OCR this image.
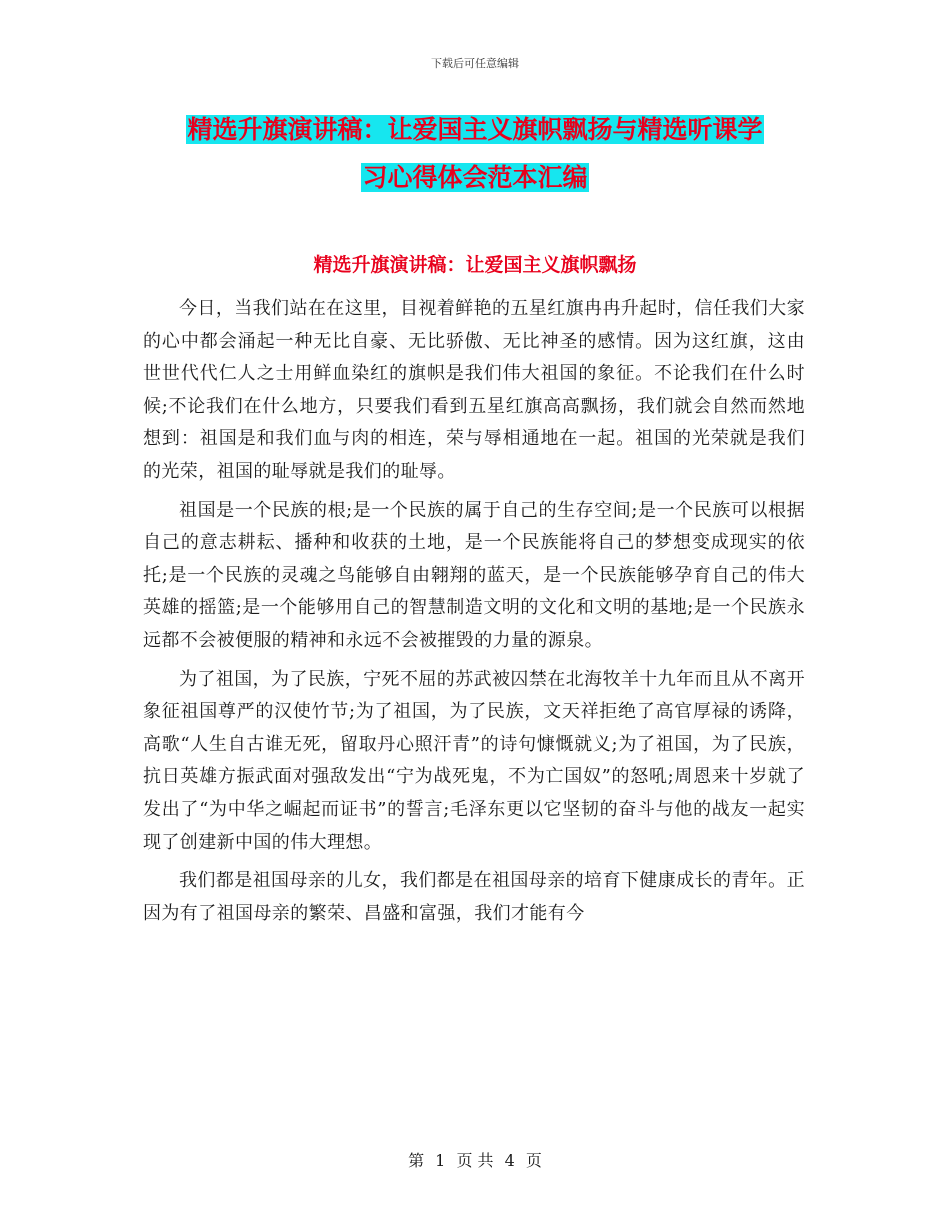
下载后可任意编辑
精选升旗演讲稿：让爱国主义旗帜飘扬与精选听课学
习心得体会范本汇编
精选升旗演讲稿：让爱国主义旗帜飘扬

今日，当我们站在在这里，目视着鲜艳的五星红旗冉冉升起时，信任我们大家的心中都会涌起一种无比自豪、无比骄傲、无比神圣的感情。因为这红旗，这由世世代代仁人之士用鲜血染红的旗帜是我们伟大祖国的象征。不论我们在什么时候;不论我们在什么地方，只要我们看到五星红旗高高飘扬，我们就会自然而然地想到：祖国是和我们血与肉的相连，荣与辱相通地在一起。祖国的光荣就是我们的光荣，祖国的耻辱就是我们的耻辱。

祖国是一个民族的根;是一个民族的属于自己的生存空间;是一个民族可以根据自己的意志耕耘、播种和收获的土地，是一个民族能将自己的梦想变成现实的依托;是一个民族的灵魂之鸟能够自由翱翔的蓝天，是一个民族能够孕育自己的伟大英雄的摇篮;是一个能够用自己的智慧制造文明的文化和文明的基地;是一个民族永远都不会被便服的精神和永远不会被摧毁的力量的源泉。

为了祖国，为了民族，宁死不屈的苏武被囚禁在北海牧羊十九年而且从不离开象征祖国尊严的汉使竹节;为了祖国，为了民族，文天祥拒绝了高官厚禄的诱降，高歌“人生自古谁无死，留取丹心照汗青”的诗句慷慨就义;为了祖国，为了民族，抗日英雄方振武面对强敌发出“宁为战死鬼，不为亡国奴”的怒吼;周恩来十岁就了发出了“为中华之崛起而证书”的誓言;毛泽东更以它坚韧的奋斗与他的战友一起实现了创建新中国的伟大理想。

我们都是祖国母亲的儿女，我们都是在祖国母亲的培育下健康成长的青年。正因为有了祖国母亲的繁荣、昌盛和富强，我们才能有今

第 1 页 共 4 页
